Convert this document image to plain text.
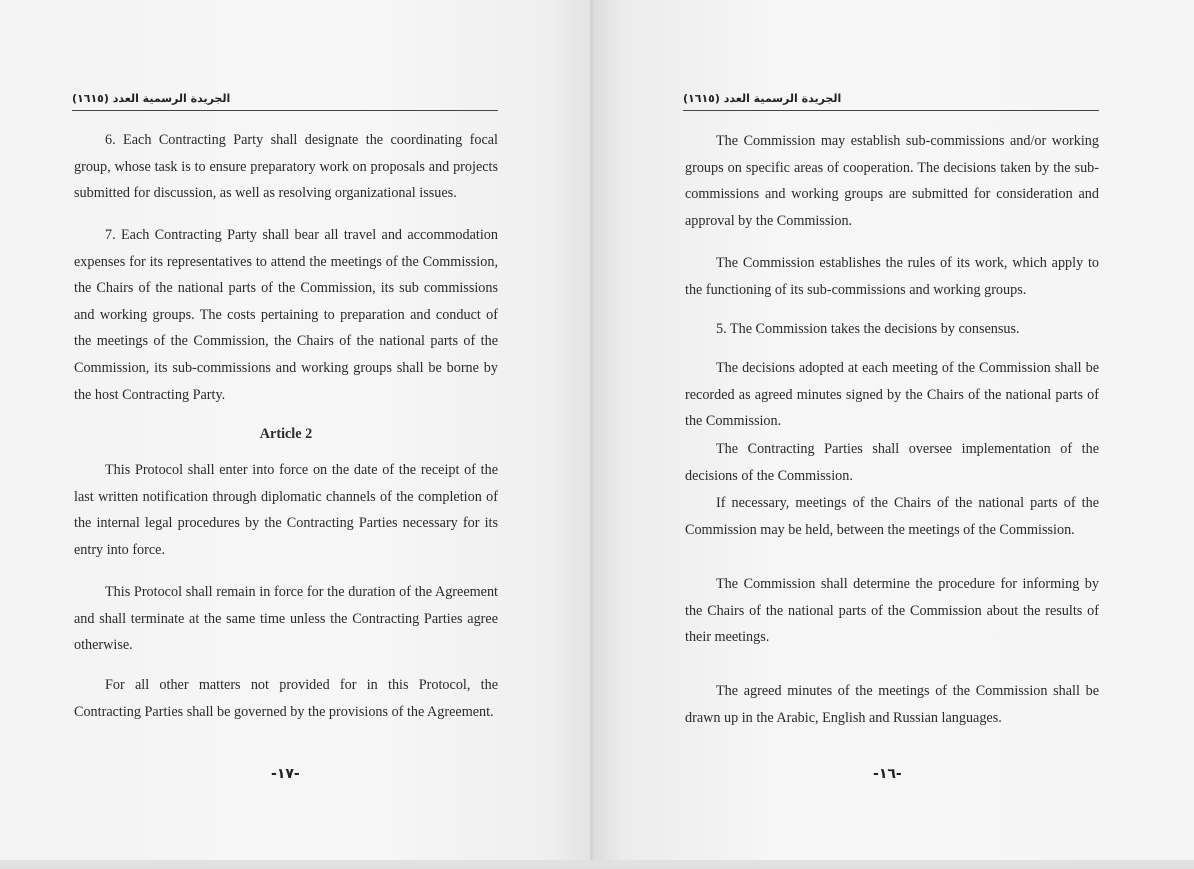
الجريدة الرسمية العدد (١٦١٥)

6. Each Contracting Party shall designate the coordinating focal group, whose task is to ensure preparatory work on proposals and projects submitted for discussion, as well as resolving organizational issues.

7. Each Contracting Party shall bear all travel and accommodation expenses for its representatives to attend the meetings of the Commission, the Chairs of the national parts of the Commission, its sub commissions and working groups. The costs pertaining to preparation and conduct of the meetings of the Commission, the Chairs of the national parts of the Commission, its sub-commissions and working groups shall be borne by the host Contracting Party.

Article 2

This Protocol shall enter into force on the date of the receipt of the last written notification through diplomatic channels of the completion of the internal legal procedures by the Contracting Parties necessary for its entry into force.

This Protocol shall remain in force for the duration of the Agreement and shall terminate at the same time unless the Contracting Parties agree otherwise.

For all other matters not provided for in this Protocol, the Contracting Parties shall be governed by the provisions of the Agreement.

-١٧-
الجريدة الرسمية العدد (١٦١٥)

The Commission may establish sub-commissions and/or working groups on specific areas of cooperation. The decisions taken by the sub-commissions and working groups are submitted for consideration and approval by the Commission.

The Commission establishes the rules of its work, which apply to the functioning of its sub-commissions and working groups.

5. The Commission takes the decisions by consensus.

The decisions adopted at each meeting of the Commission shall be recorded as agreed minutes signed by the Chairs of the national parts of the Commission.

The Contracting Parties shall oversee implementation of the decisions of the Commission.

If necessary, meetings of the Chairs of the national parts of the Commission may be held, between the meetings of the Commission.

The Commission shall determine the procedure for informing by the Chairs of the national parts of the Commission about the results of their meetings.

The agreed minutes of the meetings of the Commission shall be drawn up in the Arabic, English and Russian languages.

-١٦-
